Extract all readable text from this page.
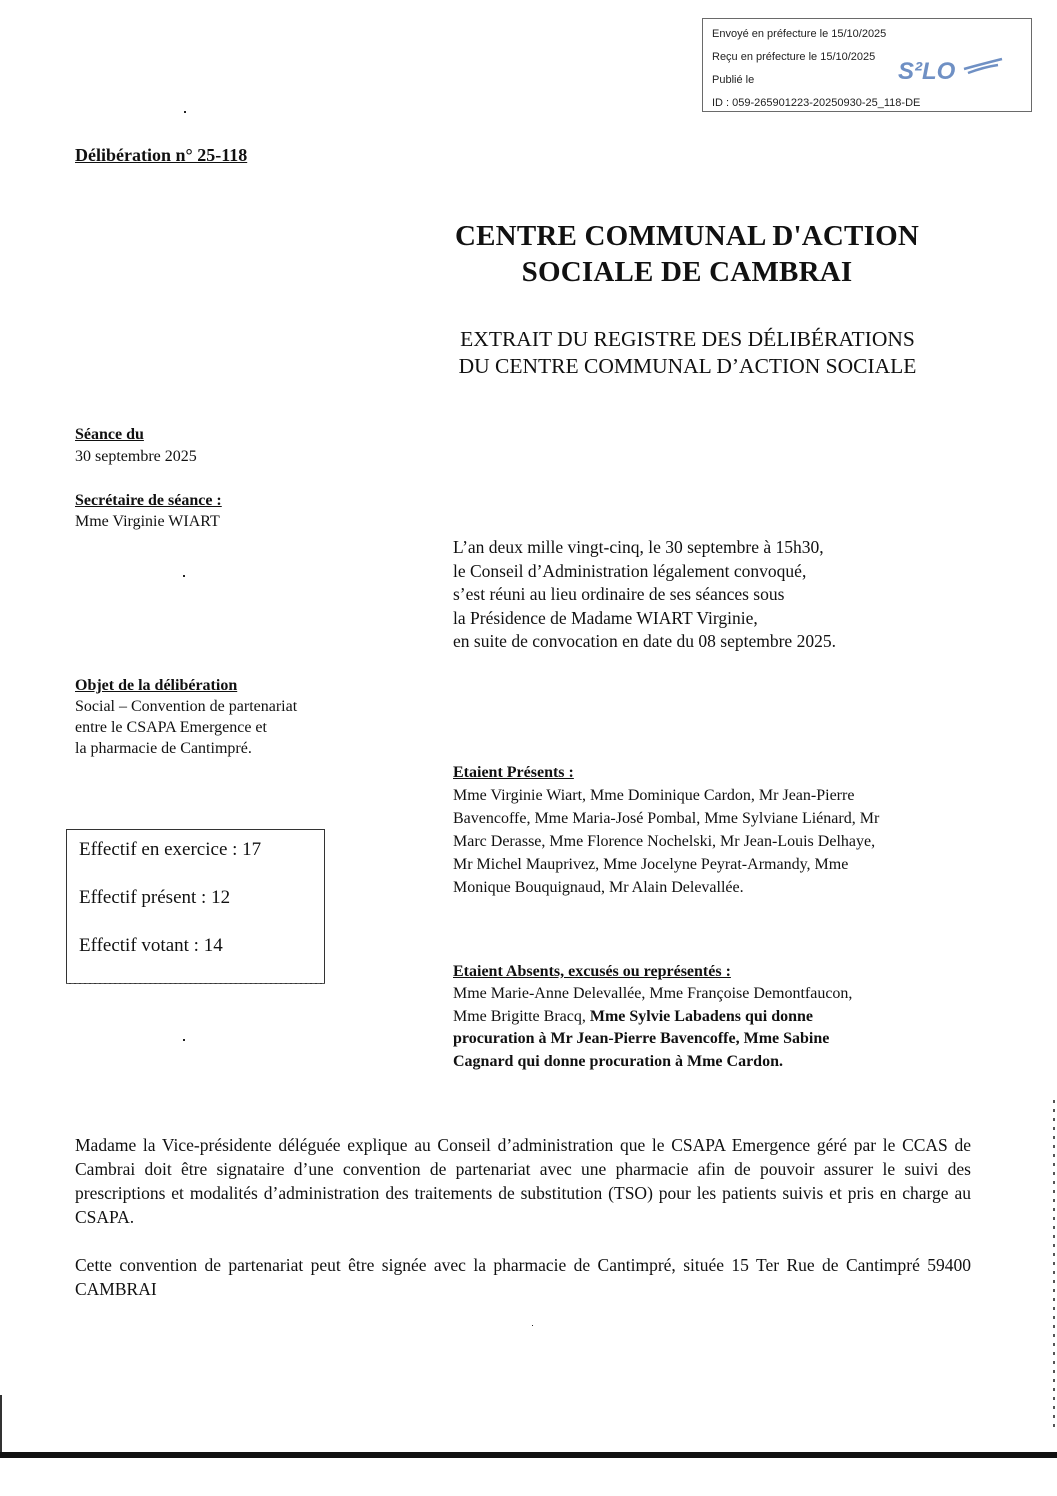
Envoyé en préfecture le 15/10/2025
Reçu en préfecture le 15/10/2025
Publié le
ID : 059-265901223-20250930-25_118-DE
S²LO
Délibération n° 25-118
CENTRE COMMUNAL D'ACTION
SOCIALE DE CAMBRAI
EXTRAIT DU REGISTRE DES DÉLIBÉRATIONS
DU CENTRE COMMUNAL D’ACTION SOCIALE
Séance du
30 septembre 2025
Secrétaire de séance :
Mme Virginie WIART
Objet de la délibération
Social – Convention de partenariat
entre le CSAPA Emergence et
la pharmacie de Cantimpré.
L’an deux mille vingt-cinq, le 30 septembre à 15h30,
le Conseil d’Administration légalement convoqué,
s’est réuni au lieu ordinaire de ses séances sous
la Présidence de Madame WIART Virginie,
en suite de convocation en date du 08 septembre 2025.
Effectif en exercice : 17
Effectif présent : 12
Effectif votant : 14
Etaient Présents :
Mme Virginie Wiart, Mme Dominique Cardon, Mr Jean-Pierre
Bavencoffe, Mme Maria-José Pombal, Mme Sylviane Liénard, Mr
Marc Derasse, Mme Florence Nochelski, Mr Jean-Louis Delhaye,
Mr Michel Mauprivez, Mme Jocelyne Peyrat-Armandy, Mme
Monique Bouquignaud, Mr Alain Delevallée.
Etaient Absents, excusés ou représentés :
Mme Marie-Anne Delevallée, Mme Françoise Demontfaucon,
Mme Brigitte Bracq, Mme Sylvie Labadens qui donne
procuration à Mr Jean-Pierre Bavencoffe, Mme Sabine
Cagnard qui donne procuration à Mme Cardon.
Madame la Vice-présidente déléguée explique au Conseil d’administration que le CSAPA Emergence géré par le CCAS de Cambrai doit être signataire d’une convention de partenariat avec une pharmacie afin de pouvoir assurer le suivi des prescriptions et modalités d’administration des traitements de substitution (TSO) pour les patients suivis et pris en charge au CSAPA.
Cette convention de partenariat peut être signée avec la pharmacie de Cantimpré, située 15 Ter Rue de Cantimpré 59400 CAMBRAI
